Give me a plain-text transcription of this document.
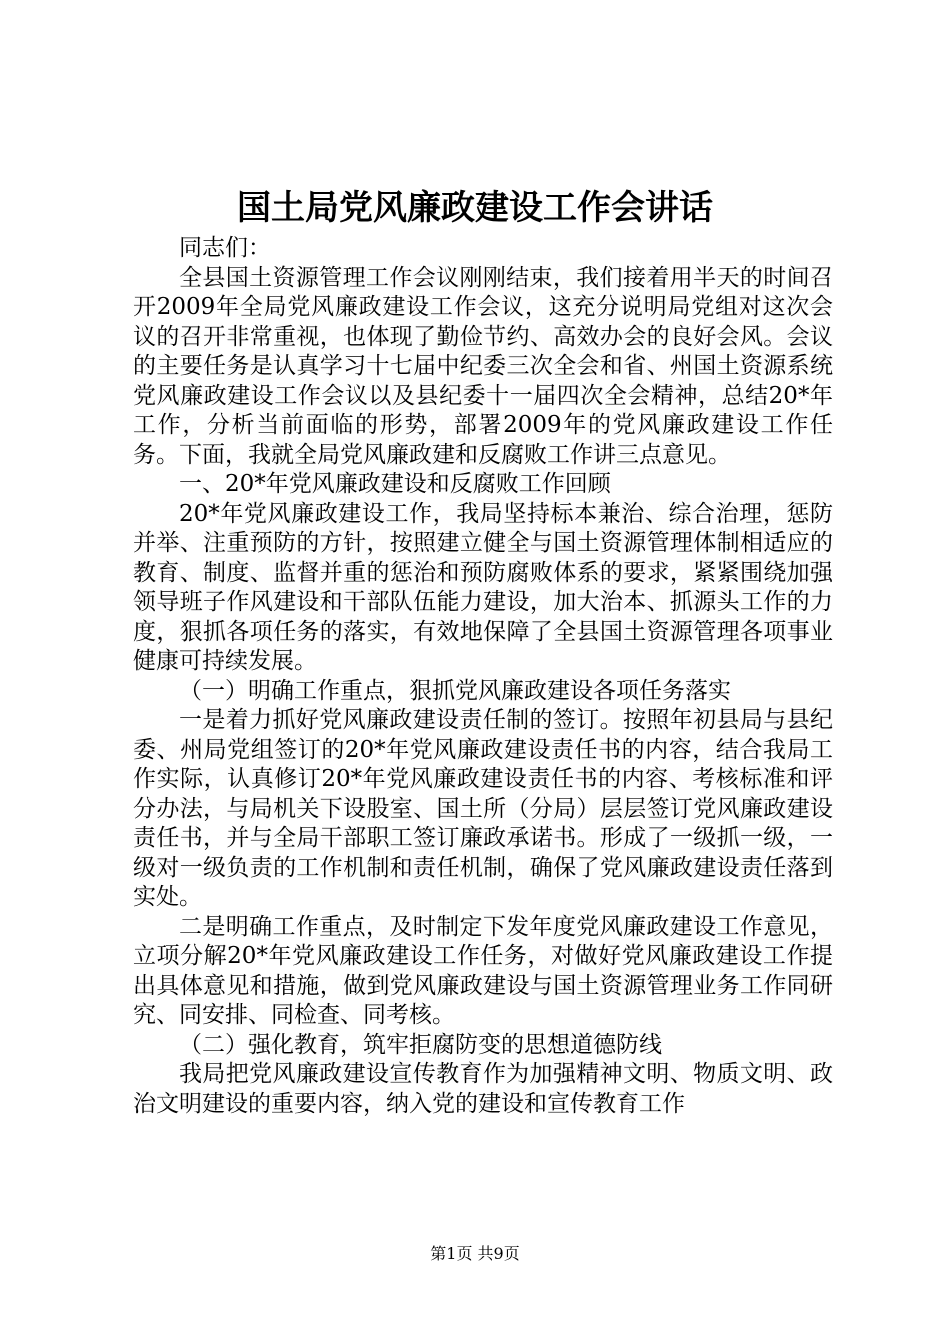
国土局党风廉政建设工作会讲话

同志们：

全县国土资源管理工作会议刚刚结束，我们接着用半天的时间召开2009年全局党风廉政建设工作会议，这充分说明局党组对这次会议的召开非常重视，也体现了勤俭节约、高效办会的良好会风。会议的主要任务是认真学习十七届中纪委三次全会和省、州国土资源系统党风廉政建设工作会议以及县纪委十一届四次全会精神，总结20*年工作，分析当前面临的形势，部署2009年的党风廉政建设工作任务。下面，我就全局党风廉政建和反腐败工作讲三点意见。

一、20*年党风廉政建设和反腐败工作回顾

20*年党风廉政建设工作，我局坚持标本兼治、综合治理，惩防并举、注重预防的方针，按照建立健全与国土资源管理体制相适应的教育、制度、监督并重的惩治和预防腐败体系的要求，紧紧围绕加强领导班子作风建设和干部队伍能力建设，加大治本、抓源头工作的力度，狠抓各项任务的落实，有效地保障了全县国土资源管理各项事业健康可持续发展。

（一）明确工作重点，狠抓党风廉政建设各项任务落实

一是着力抓好党风廉政建设责任制的签订。按照年初县局与县纪委、州局党组签订的20*年党风廉政建设责任书的内容，结合我局工作实际，认真修订20*年党风廉政建设责任书的内容、考核标准和评分办法，与局机关下设股室、国土所（分局）层层签订党风廉政建设责任书，并与全局干部职工签订廉政承诺书。形成了一级抓一级，一级对一级负责的工作机制和责任机制，确保了党风廉政建设责任落到实处。

二是明确工作重点，及时制定下发年度党风廉政建设工作意见，立项分解20*年党风廉政建设工作任务，对做好党风廉政建设工作提出具体意见和措施，做到党风廉政建设与国土资源管理业务工作同研究、同安排、同检查、同考核。

（二）强化教育，筑牢拒腐防变的思想道德防线

我局把党风廉政建设宣传教育作为加强精神文明、物质文明、政治文明建设的重要内容，纳入党的建设和宣传教育工作

第1页 共9页
